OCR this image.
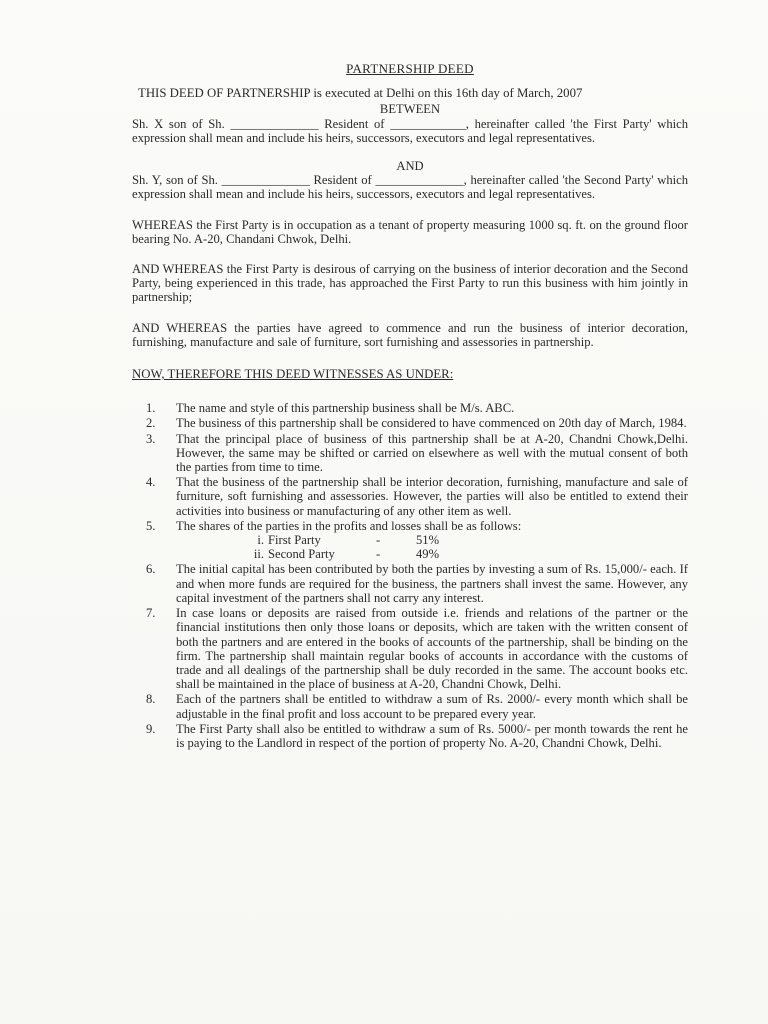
PARTNERSHIP DEED

THIS DEED OF PARTNERSHIP is executed at Delhi on this 16th day of March, 2007

BETWEEN

Sh. X son of Sh. ______________ Resident of ____________, hereinafter called 'the First Party' which expression shall mean and include his heirs, successors, executors and legal representatives.

AND

Sh. Y, son of Sh. ______________ Resident of ______________, hereinafter called 'the Second Party' which expression shall mean and include his heirs, successors, executors and legal representatives.

WHEREAS the First Party is in occupation as a tenant of property measuring 1000 sq. ft. on the ground floor bearing No. A-20, Chandani Chwok, Delhi.

AND WHEREAS the First Party is desirous of carrying on the business of interior decoration and the Second Party, being experienced in this trade, has approached the First Party to run this business with him jointly in partnership;

AND WHEREAS the parties have agreed to commence and run the business of interior decoration, furnishing, manufacture and sale of furniture, sort furnishing and assessories in partnership.

NOW, THEREFORE THIS DEED WITNESSES AS UNDER:
1.	The name and style of this partnership business shall be M/s. ABC.
2.	The business of this partnership shall be considered to have commenced on 20th day of March, 1984.
3.	That the principal place of business of this partnership shall be at A-20, Chandni Chowk,Delhi. However, the same may be shifted or carried on elsewhere as well with the mutual consent of both the parties from time to time.
4.	That the business of the partnership shall be interior decoration, furnishing, manufacture and sale of furniture, soft furnishing and assessories. However, the parties will also be entitled to extend their activities into business or manufacturing of any other item as well.
5.	The shares of the parties in the profits and losses shall be as follows:
i. First Party	-	51%
ii. Second Party	-	49%
6.	The initial capital has been contributed by both the parties by investing a sum of Rs. 15,000/- each. If and when more funds are required for the business, the partners shall invest the same. However, any capital investment of the partners shall not carry any interest.
7.	In case loans or deposits are raised from outside i.e. friends and relations of the partner or the financial institutions then only those loans or deposits, which are taken with the written consent of both the partners and are entered in the books of accounts of the partnership, shall be binding on the firm. The partnership shall maintain regular books of accounts in accordance with the customs of trade and all dealings of the partnership shall be duly recorded in the same. The account books etc. shall be maintained in the place of business at A-20, Chandni Chowk, Delhi.
8.	Each of the partners shall be entitled to withdraw a sum of Rs. 2000/- every month which shall be adjustable in the final profit and loss account to be prepared every year.
9.	The First Party shall also be entitled to withdraw a sum of Rs. 5000/- per month towards the rent he is paying to the Landlord in respect of the portion of property No. A-20, Chandni Chowk, Delhi.
